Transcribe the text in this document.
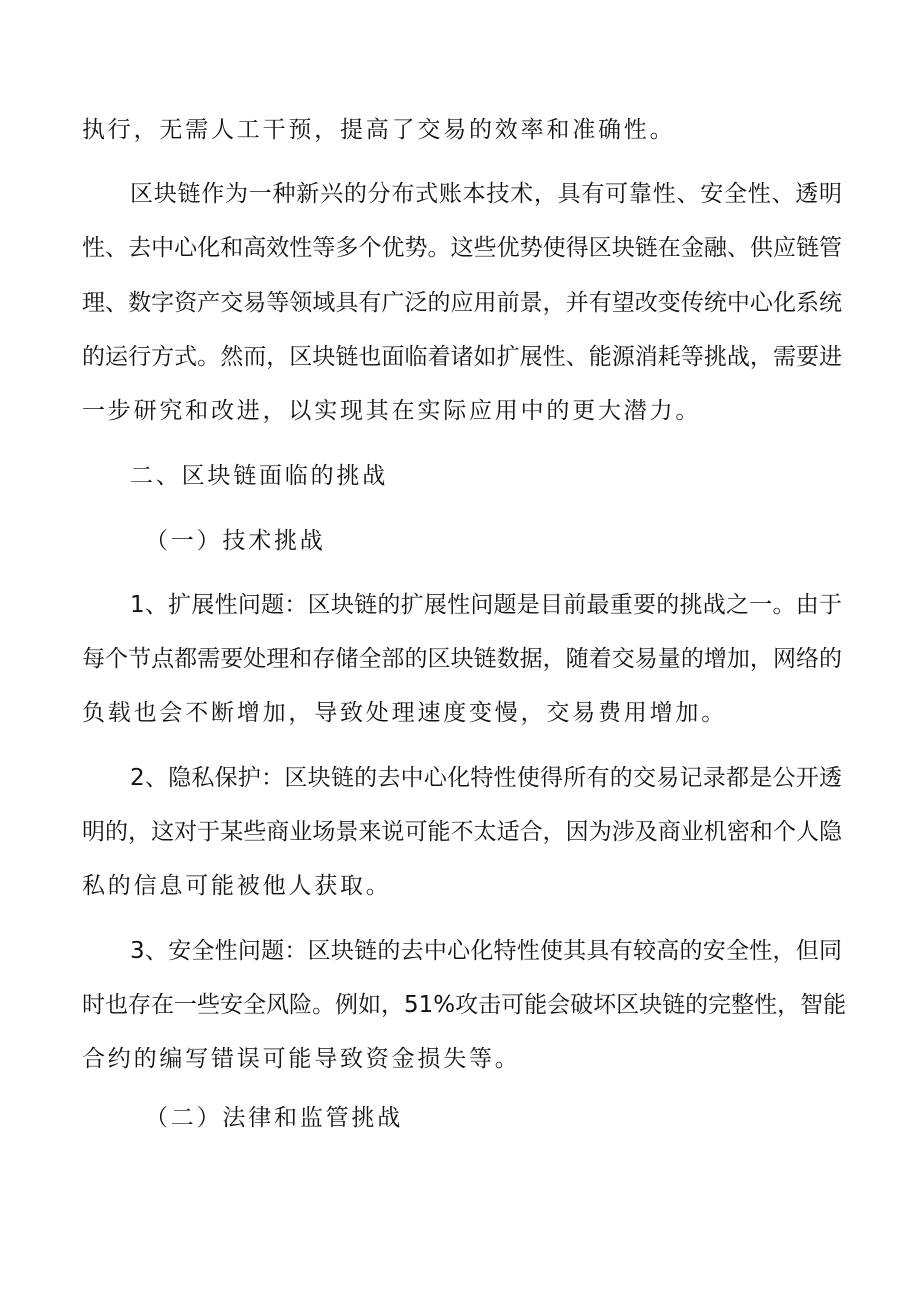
执行，无需人工干预，提高了交易的效率和准确性。
区块链作为一种新兴的分布式账本技术，具有可靠性、安全性、透明
性、去中心化和高效性等多个优势。这些优势使得区块链在金融、供应链管
理、数字资产交易等领域具有广泛的应用前景，并有望改变传统中心化系统
的运行方式。然而，区块链也面临着诸如扩展性、能源消耗等挑战，需要进
一步研究和改进，以实现其在实际应用中的更大潜力。
二、区块链面临的挑战
（一）技术挑战
1、扩展性问题：区块链的扩展性问题是目前最重要的挑战之一。由于
每个节点都需要处理和存储全部的区块链数据，随着交易量的增加，网络的
负载也会不断增加，导致处理速度变慢，交易费用增加。
2、隐私保护：区块链的去中心化特性使得所有的交易记录都是公开透
明的，这对于某些商业场景来说可能不太适合，因为涉及商业机密和个人隐
私的信息可能被他人获取。
3、安全性问题：区块链的去中心化特性使其具有较高的安全性，但同
时也存在一些安全风险。例如，51%攻击可能会破坏区块链的完整性，智能
合约的编写错误可能导致资金损失等。
（二）法律和监管挑战
